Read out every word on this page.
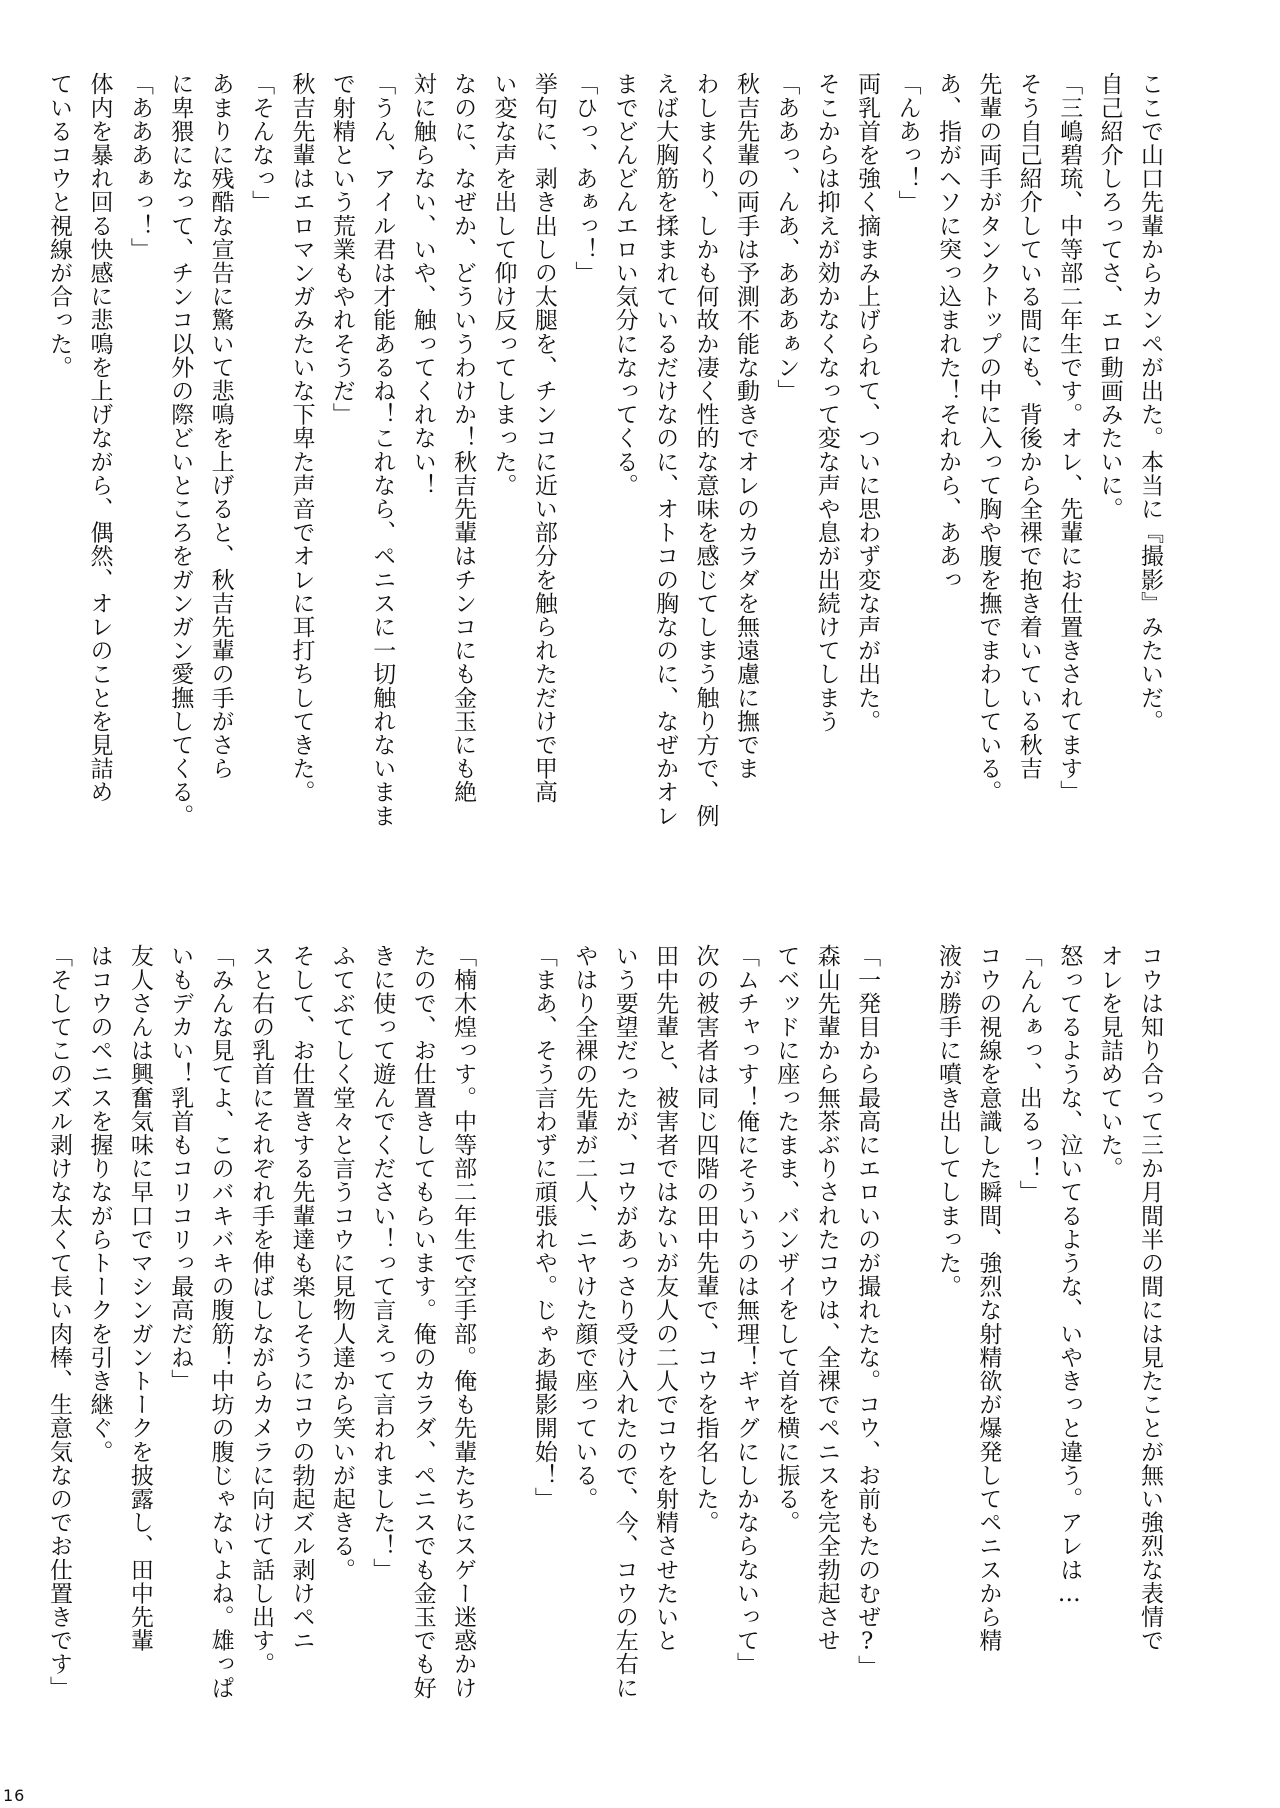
ここで山口先輩からカンペが出た。本当に『撮影』みたいだ。
自己紹介しろってさ、エロ動画みたいに。
「三嶋碧琉、中等部二年生です。オレ、先輩にお仕置きされてます」
そう自己紹介している間にも、背後から全裸で抱き着いている秋吉
先輩の両手がタンクトップの中に入って胸や腹を撫でまわしている。
あ、指がヘソに突っ込まれた！それから、ああっ
「んあっ！」
両乳首を強く摘まみ上げられて、ついに思わず変な声が出た。
そこからは抑えが効かなくなって変な声や息が出続けてしまう
「ああっ、んあ、あああぁン」
秋吉先輩の両手は予測不能な動きでオレのカラダを無遠慮に撫でま
わしまくり、しかも何故か凄く性的な意味を感じてしまう触り方で、例
えば大胸筋を揉まれているだけなのに、オトコの胸なのに、なぜかオレ
までどんどんエロい気分になってくる。
「ひっ、あぁっ！」
挙句に、剥き出しの太腿を、チンコに近い部分を触られただけで甲高
い変な声を出して仰け反ってしまった。
なのに、なぜか、どういうわけか！秋吉先輩はチンコにも金玉にも絶
対に触らない、いや、触ってくれない！
「うん、アイル君は才能あるね！これなら、ペニスに一切触れないまま
で射精という荒業もやれそうだ」
秋吉先輩はエロマンガみたいな下卑た声音でオレに耳打ちしてきた。
「そんなっ」
あまりに残酷な宣告に驚いて悲鳴を上げると、秋吉先輩の手がさら
に卑猥になって、チンコ以外の際どいところをガンガン愛撫してくる。
「あああぁっ！」
体内を暴れ回る快感に悲鳴を上げながら、偶然、オレのことを見詰め
ているコウと視線が合った。
コウは知り合って三か月間半の間には見たことが無い強烈な表情で
オレを見詰めていた。
怒ってるような、泣いてるような、いやきっと違う。アレは…
「んんぁっ、出るっ！」
コウの視線を意識した瞬間、強烈な射精欲が爆発してペニスから精
液が勝手に噴き出してしまった。

「一発目から最高にエロいのが撮れたな。コウ、お前もたのむぜ?」
森山先輩から無茶ぶりされたコウは、全裸でペニスを完全勃起させ
てベッドに座ったまま、バンザイをして首を横に振る。
「ムチャっす！俺にそういうのは無理！ギャグにしかならないって」
次の被害者は同じ四階の田中先輩で、コウを指名した。
田中先輩と、被害者ではないが友人の二人でコウを射精させたいと
いう要望だったが、コウがあっさり受け入れたので、今、コウの左右に
やはり全裸の先輩が二人、ニヤけた顔で座っている。
「まあ、そう言わずに頑張れや。じゃあ撮影開始！」

「楠木煌っす。中等部二年生で空手部。俺も先輩たちにスゲー迷惑かけ
たので、お仕置きしてもらいます。俺のカラダ、ペニスでも金玉でも好
きに使って遊んでください！って言えって言われました！」
ふてぶてしく堂々と言うコウに見物人達から笑いが起きる。
そして、お仕置きする先輩達も楽しそうにコウの勃起ズル剥けペニ
スと右の乳首にそれぞれ手を伸ばしながらカメラに向けて話し出す。
「みんな見てよ、このバキバキの腹筋！中坊の腹じゃないよね。雄っぱ
いもデカい！乳首もコリコリっ最高だね」
友人さんは興奮気味に早口でマシンガントークを披露し、田中先輩
はコウのペニスを握りながらトークを引き継ぐ。
「そしてこのズル剥けな太くて長い肉棒、生意気なのでお仕置きです」
16
